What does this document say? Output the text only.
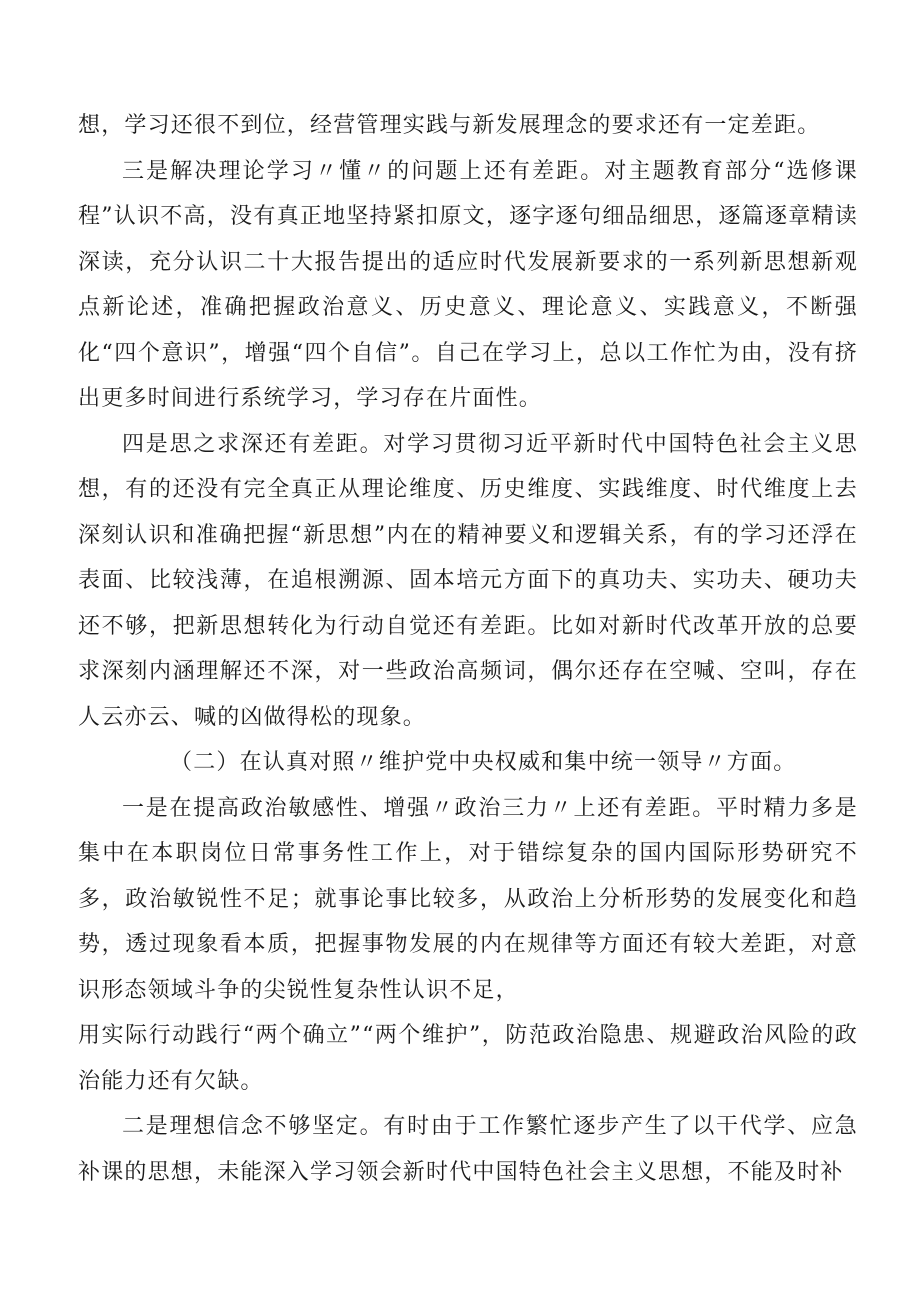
想，学习还很不到位，经营管理实践与新发展理念的要求还有一定差距。

三是解决理论学习〃懂〃的问题上还有差距。对主题教育部分“选修课程”认识不高，没有真正地坚持紧扣原文，逐字逐句细品细思，逐篇逐章精读深读，充分认识二十大报告提出的适应时代发展新要求的一系列新思想新观点新论述，准确把握政治意义、历史意义、理论意义、实践意义，不断强化“四个意识”，增强“四个自信”。自己在学习上，总以工作忙为由，没有挤出更多时间进行系统学习，学习存在片面性。

四是思之求深还有差距。对学习贯彻习近平新时代中国特色社会主义思想，有的还没有完全真正从理论维度、历史维度、实践维度、时代维度上去深刻认识和准确把握“新思想”内在的精神要义和逻辑关系，有的学习还浮在表面、比较浅薄，在追根溯源、固本培元方面下的真功夫、实功夫、硬功夫还不够，把新思想转化为行动自觉还有差距。比如对新时代改革开放的总要求深刻内涵理解还不深，对一些政治高频词，偶尔还存在空喊、空叫，存在人云亦云、喊的凶做得松的现象。

（二）在认真对照〃维护党中央权威和集中统一领导〃方面。

一是在提高政治敏感性、增强〃政治三力〃上还有差距。平时精力多是集中在本职岗位日常事务性工作上，对于错综复杂的国内国际形势研究不多，政治敏锐性不足；就事论事比较多，从政治上分析形势的发展变化和趋势，透过现象看本质，把握事物发展的内在规律等方面还有较大差距，对意识形态领域斗争的尖锐性复杂性认识不足，

用实际行动践行“两个确立”“两个维护”，防范政治隐患、规避政治风险的政治能力还有欠缺。

二是理想信念不够坚定。有时由于工作繁忙逐步产生了以干代学、应急补课的思想，未能深入学习领会新时代中国特色社会主义思想，不能及时补
